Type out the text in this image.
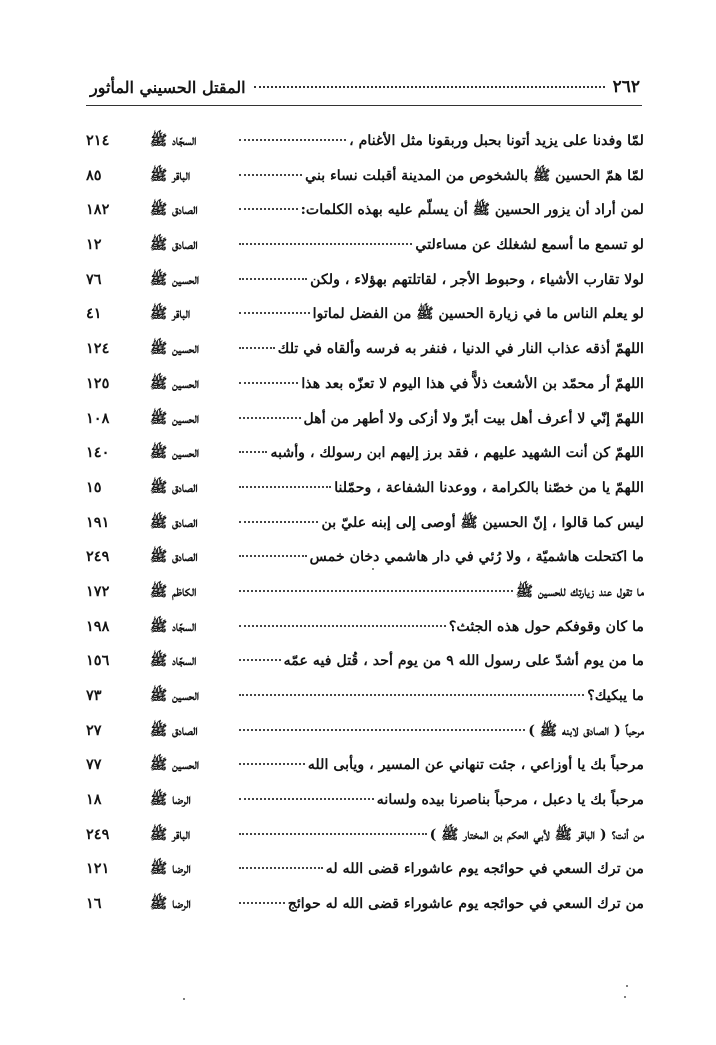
٢٦٢
المقتل الحسيني المأثور
لمّا وفدنا على يزيد أتونا بحبل وربقونا مثل الأغنام ،
السجّاد ﷺ
٢١٤
لمّا همّ الحسين ﷺ بالشخوص من المدينة أقبلت نساء بني
الباقر ﷺ
٨٥
لمن أراد أن يزور الحسين ﷺ أن يسلّم عليه بهذه الكلمات:
الصادق ﷺ
١٨٢
لو تسمع ما أسمع لشغلك عن مساءلتي
الصادق ﷺ
١٢
لولا تقارب الأشياء ، وحبوط الأجر ، لقاتلتهم بهؤلاء ، ولكن
الحسين ﷺ
٧٦
لو يعلم الناس ما في زيارة الحسين ﷺ من الفضل لماتوا
الباقر ﷺ
٤١
اللهمّ أذقه عذاب النار في الدنيا ، فنفر به فرسه وألقاه في تلك
الحسين ﷺ
١٢٤
اللهمّ أر محمّد بن الأشعث ذلاًّ في هذا اليوم لا تعزّه بعد هذا
الحسين ﷺ
١٢٥
اللهمّ إنّي لا أعرف أهل بيت أبرّ ولا أزكى ولا أطهر من أهل
الحسين ﷺ
١٠٨
اللهمّ كن أنت الشهيد عليهم ، فقد برز إليهم ابن رسولك ، وأشبه
الحسين ﷺ
١٤٠
اللهمّ يا من خصّنا بالكرامة ، ووعدنا الشفاعة ، وحمّلنا
الصادق ﷺ
١٥
ليس كما قالوا ، إنّ الحسين ﷺ أوصى إلى إبنه عليّ بن
الصادق ﷺ
١٩١
ما اكتحلت هاشميّة ، ولا رُئي في دار هاشمي دخان خمس
الصادق ﷺ
٢٤٩
ما تقول عند زيارتك للحسين ﷺ
الكاظم ﷺ
١٧٢
ما كان وقوفكم حول هذه الجثث؟
السجّاد ﷺ
١٩٨
ما من يوم أشدّ على رسول الله ٩ من يوم أحد ، قُتل فيه عمّه
السجّاد ﷺ
١٥٦
ما يبكيك؟
الحسين ﷺ
٧٣
مرحباً ( الصادق لابنه ﷺ )
الصادق ﷺ
٢٧
مرحباً بك يا أوزاعي ، جئت تنهاني عن المسير ، ويأبى الله
الحسين ﷺ
٧٧
مرحباً بك يا دعبل ، مرحباً بناصرنا بيده ولسانه
الرضا ﷺ
١٨
من أنت؟ ( الباقر ﷺ لأبي الحكم بن المختار ﷺ )
الباقر ﷺ
٢٤٩
من ترك السعي في حوائجه يوم عاشوراء قضى الله له
الرضا ﷺ
١٢١
من ترك السعي في حوائجه يوم عاشوراء قضى الله له حوائج
الرضا ﷺ
١٦
